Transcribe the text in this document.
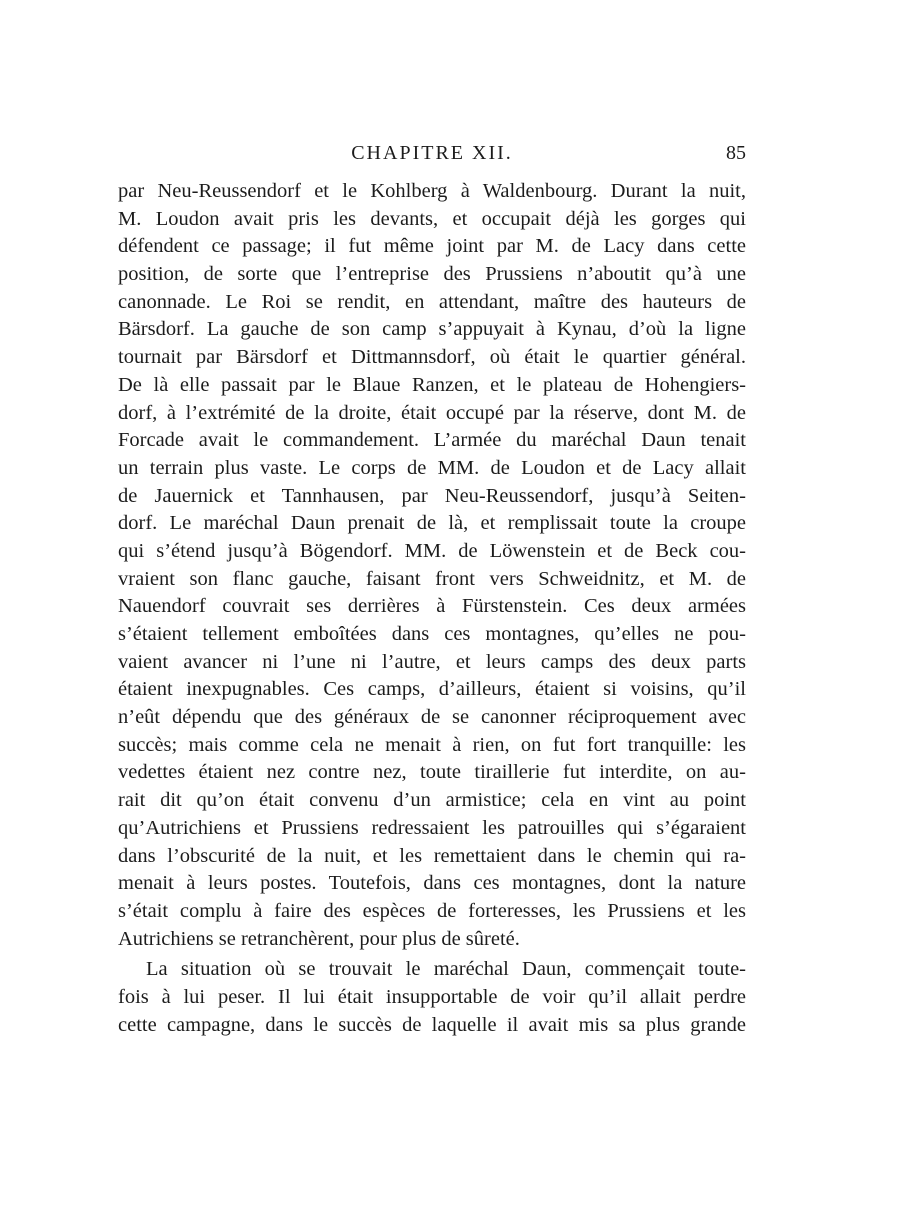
CHAPITRE XII.	85
par Neu-Reussendorf et le Kohlberg à Waldenbourg. Durant la nuit,
M. Loudon avait pris les devants, et occupait déjà les gorges qui
défendent ce passage; il fut même joint par M. de Lacy dans cette
position, de sorte que l’entreprise des Prussiens n’aboutit qu’à une
canonnade. Le Roi se rendit, en attendant, maître des hauteurs de
Bärsdorf. La gauche de son camp s’appuyait à Kynau, d’où la ligne
tournait par Bärsdorf et Dittmannsdorf, où était le quartier général.
De là elle passait par le Blaue Ranzen, et le plateau de Hohengiers-
dorf, à l’extrémité de la droite, était occupé par la réserve, dont M. de
Forcade avait le commandement. L’armée du maréchal Daun tenait
un terrain plus vaste. Le corps de MM. de Loudon et de Lacy allait
de Jauernick et Tannhausen, par Neu-Reussendorf, jusqu’à Seiten-
dorf. Le maréchal Daun prenait de là, et remplissait toute la croupe
qui s’étend jusqu’à Bögendorf. MM. de Löwenstein et de Beck cou-
vraient son flanc gauche, faisant front vers Schweidnitz, et M. de
Nauendorf couvrait ses derrières à Fürstenstein. Ces deux armées
s’étaient tellement emboîtées dans ces montagnes, qu’elles ne pou-
vaient avancer ni l’une ni l’autre, et leurs camps des deux parts
étaient inexpugnables. Ces camps, d’ailleurs, étaient si voisins, qu’il
n’eût dépendu que des généraux de se canonner réciproquement avec
succès; mais comme cela ne menait à rien, on fut fort tranquille: les
vedettes étaient nez contre nez, toute tiraillerie fut interdite, on au-
rait dit qu’on était convenu d’un armistice; cela en vint au point
qu’Autrichiens et Prussiens redressaient les patrouilles qui s’égaraient
dans l’obscurité de la nuit, et les remettaient dans le chemin qui ra-
menait à leurs postes. Toutefois, dans ces montagnes, dont la nature
s’était complu à faire des espèces de forteresses, les Prussiens et les
Autrichiens se retranchèrent, pour plus de sûreté.
La situation où se trouvait le maréchal Daun, commençait toute-
fois à lui peser. Il lui était insupportable de voir qu’il allait perdre
cette campagne, dans le succès de laquelle il avait mis sa plus grande
